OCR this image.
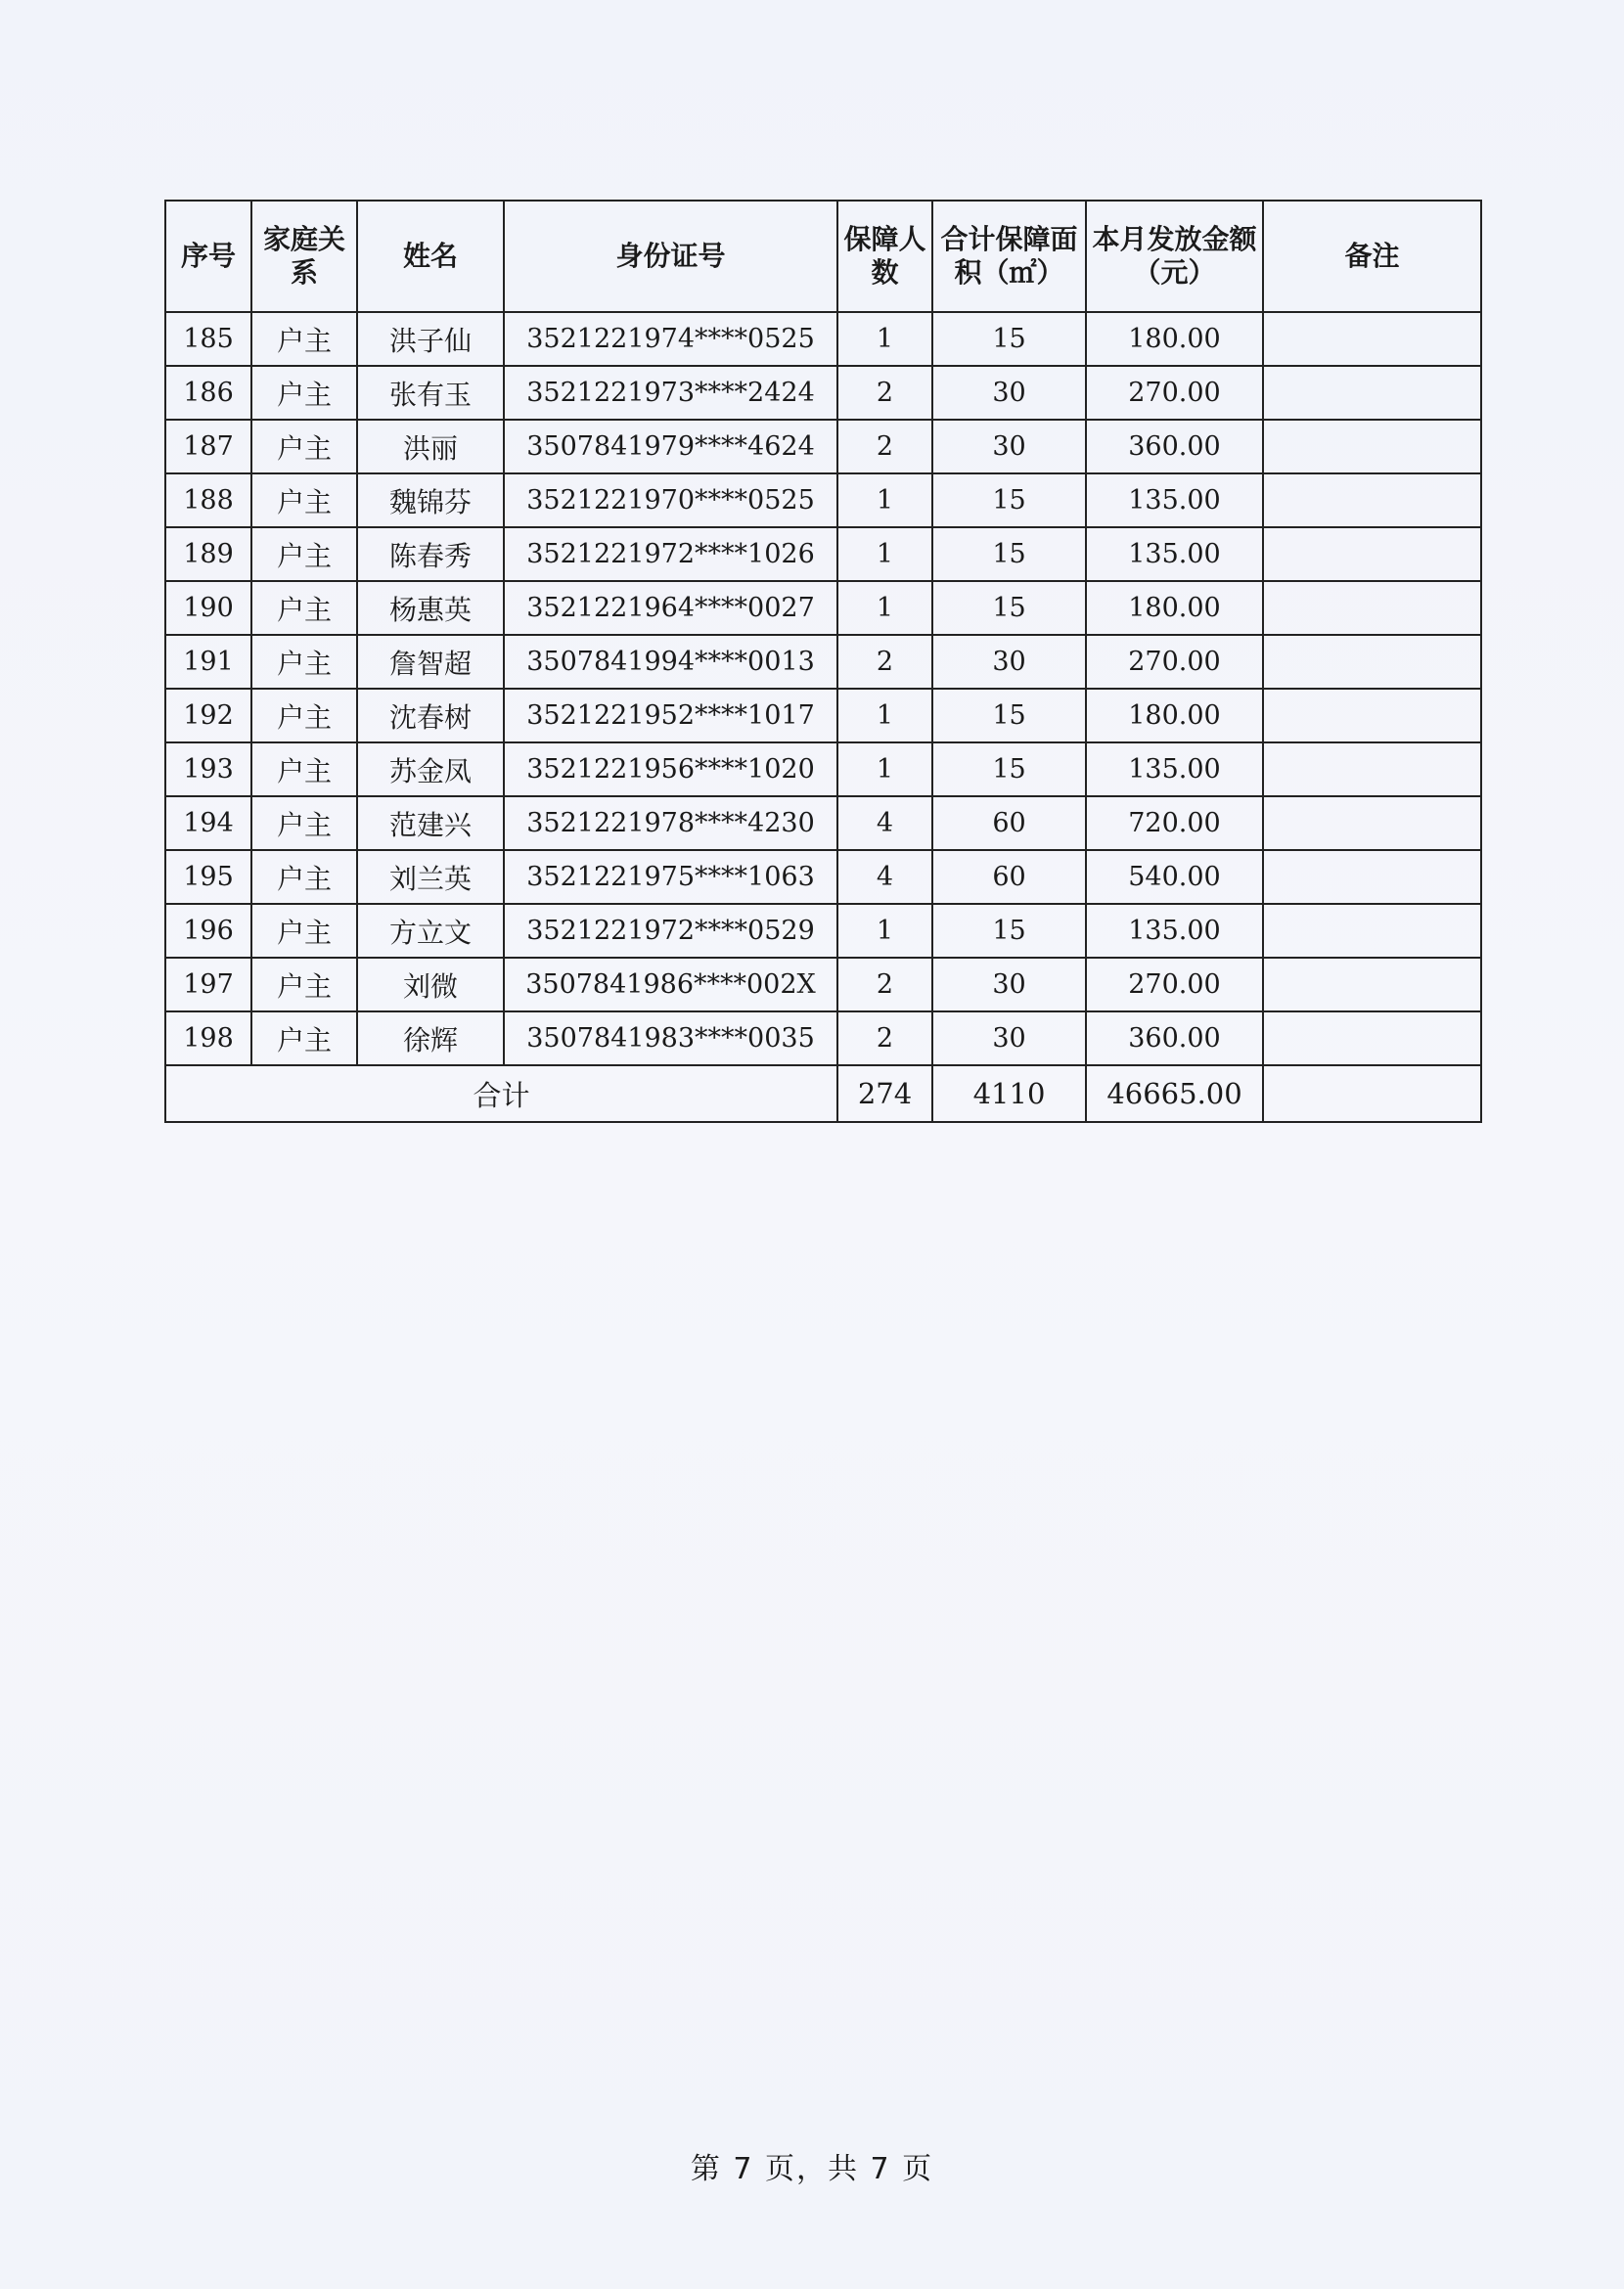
序号	家庭关系	姓名	身份证号	保障人数	合计保障面积（㎡）	本月发放金额（元）	备注
185	户主	洪子仙	3521221974****0525	1	15	180.00	
186	户主	张有玉	3521221973****2424	2	30	270.00	
187	户主	洪丽	3507841979****4624	2	30	360.00	
188	户主	魏锦芬	3521221970****0525	1	15	135.00	
189	户主	陈春秀	3521221972****1026	1	15	135.00	
190	户主	杨惠英	3521221964****0027	1	15	180.00	
191	户主	詹智超	3507841994****0013	2	30	270.00	
192	户主	沈春树	3521221952****1017	1	15	180.00	
193	户主	苏金凤	3521221956****1020	1	15	135.00	
194	户主	范建兴	3521221978****4230	4	60	720.00	
195	户主	刘兰英	3521221975****1063	4	60	540.00	
196	户主	方立文	3521221972****0529	1	15	135.00	
197	户主	刘微	3507841986****002X	2	30	270.00	
198	户主	徐辉	3507841983****0035	2	30	360.00	
合计				274	4110	46665.00	
第 7 页，共 7 页
